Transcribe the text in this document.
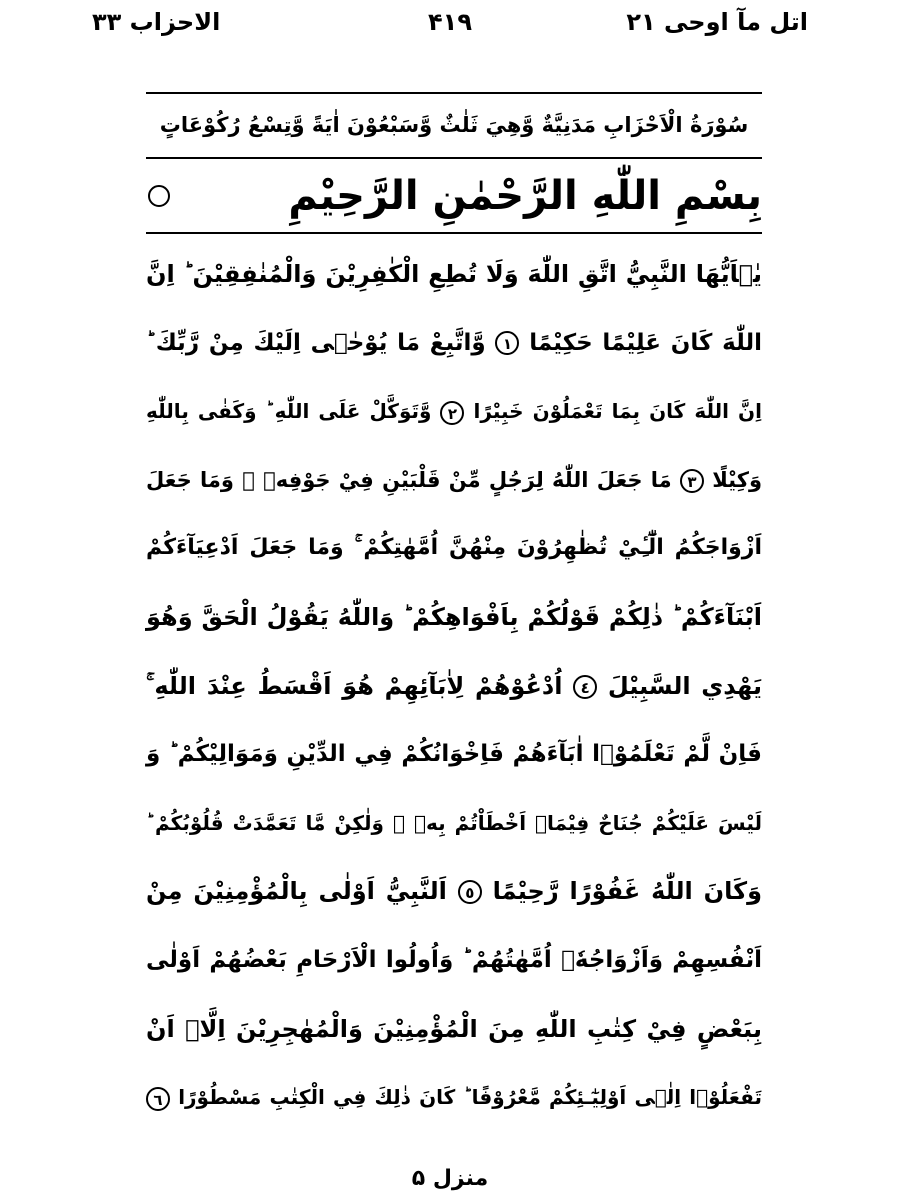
الاحزاب ۳۳	۴۱۹	اتل مآ اوحی ۲۱
سُوْرَةُ الْاَحْزَابِ مَدَنِيَّةٌ وَّهِيَ ثَلٰثٌ وَّسَبْعُوْنَ اٰيَةً وَّتِسْعُ رُكُوْعَاتٍ
بِسْمِ اللّٰهِ الرَّحْمٰنِ الرَّحِيْمِ
يٰۤاَيُّهَا النَّبِيُّ اتَّقِ اللّٰهَ وَلَا تُطِعِ الْكٰفِرِيْنَ وَالْمُنٰفِقِيْنَ ؕ اِنَّ
اللّٰهَ كَانَ عَلِيْمًا حَكِيْمًا ١ وَّاتَّبِعْ مَا يُوْحٰۤى اِلَيْكَ مِنْ رَّبِّكَ ؕ
اِنَّ اللّٰهَ كَانَ بِمَا تَعْمَلُوْنَ خَبِيْرًا ٢ وَّتَوَكَّلْ عَلَى اللّٰهِ ؕ وَكَفٰى بِاللّٰهِ
وَكِيْلًا ٣ مَا جَعَلَ اللّٰهُ لِرَجُلٍ مِّنْ قَلْبَيْنِ فِيْ جَوْفِهٖ ۚ وَمَا جَعَلَ
اَزْوَاجَكُمُ الّٰٓـِٔيْ تُظٰهِرُوْنَ مِنْهُنَّ اُمَّهٰتِكُمْ ۚ وَمَا جَعَلَ اَدْعِيَآءَكُمْ
اَبْنَآءَكُمْ ؕ ذٰلِكُمْ قَوْلُكُمْ بِاَفْوَاهِكُمْ ؕ وَاللّٰهُ يَقُوْلُ الْحَقَّ وَهُوَ
يَهْدِي السَّبِيْلَ ٤ اُدْعُوْهُمْ لِاٰبَآئِهِمْ هُوَ اَقْسَطُ عِنْدَ اللّٰهِ ۚ
فَاِنْ لَّمْ تَعْلَمُوْۤا اٰبَآءَهُمْ فَاِخْوَانُكُمْ فِي الدِّيْنِ وَمَوَالِيْكُمْ ؕ وَ
لَيْسَ عَلَيْكُمْ جُنَاحٌ فِيْمَاۤ اَخْطَاْتُمْ بِهٖ ۙ وَلٰكِنْ مَّا تَعَمَّدَتْ قُلُوْبُكُمْ ؕ
وَكَانَ اللّٰهُ غَفُوْرًا رَّحِيْمًا ٥ اَلنَّبِيُّ اَوْلٰى بِالْمُؤْمِنِيْنَ مِنْ
اَنْفُسِهِمْ وَاَزْوَاجُهٗۤ اُمَّهٰتُهُمْ ؕ وَاُولُوا الْاَرْحَامِ بَعْضُهُمْ اَوْلٰى
بِبَعْضٍ فِيْ كِتٰبِ اللّٰهِ مِنَ الْمُؤْمِنِيْنَ وَالْمُهٰجِرِيْنَ اِلَّاۤ اَنْ
تَفْعَلُوْۤا اِلٰۤى اَوْلِيٰٓـئِكُمْ مَّعْرُوْفًا ؕ كَانَ ذٰلِكَ فِي الْكِتٰبِ مَسْطُوْرًا ٦
منزل ۵
